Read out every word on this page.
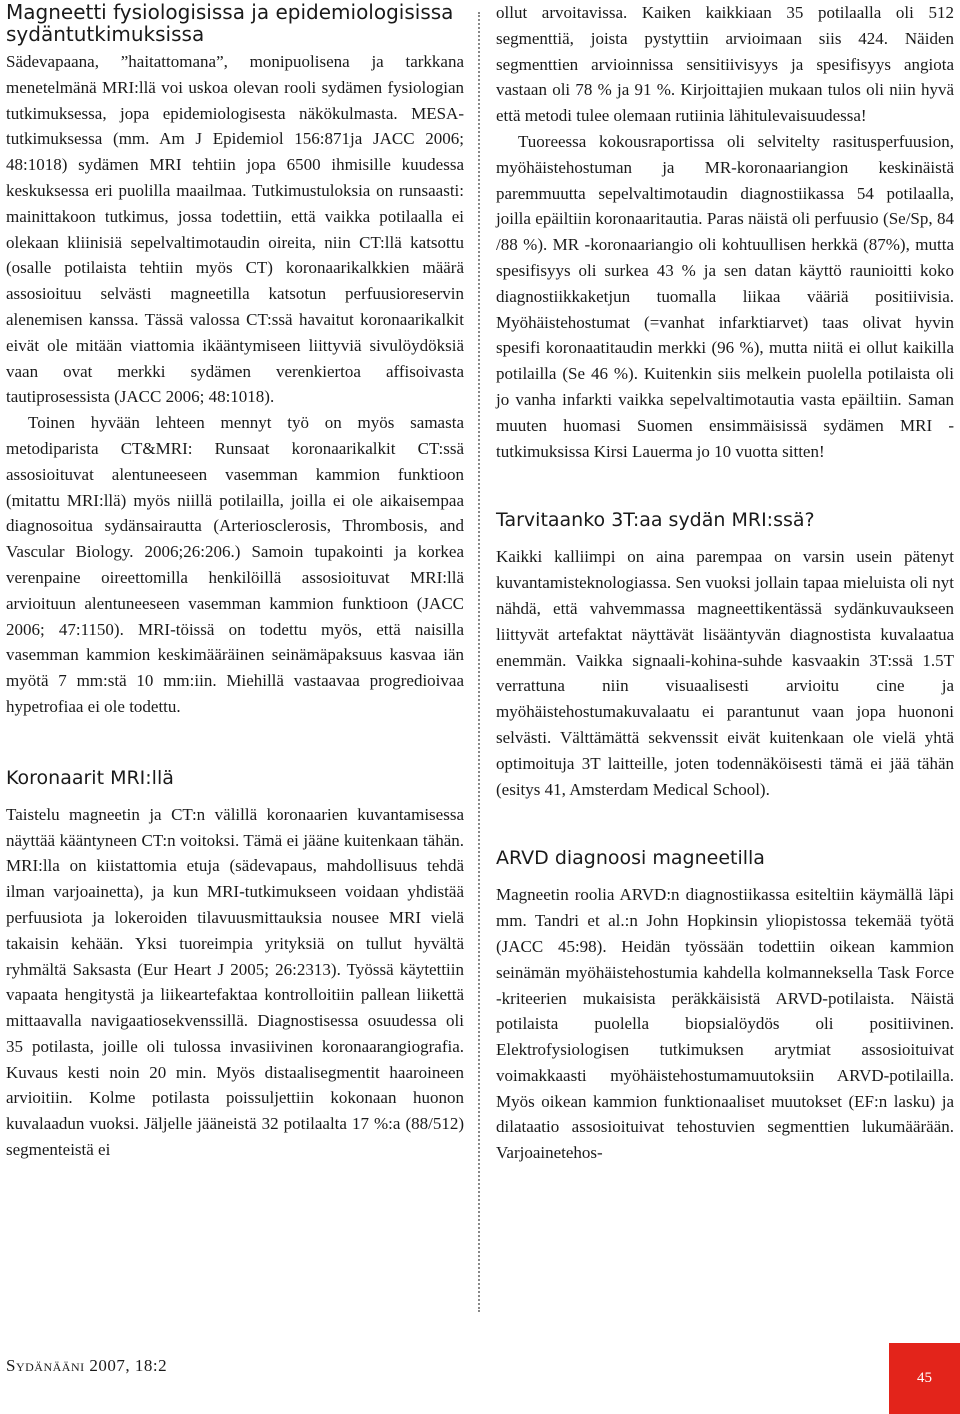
Magneetti fysiologisissa ja epidemiologisissa sydäntutkimuksissa

Sädevapaana, ”haitattomana”, monipuolisena ja tarkkana menetelmänä MRI:llä voi uskoa olevan rooli sydämen fysiologian tutkimuksessa, jopa epidemiologisesta näkökulmasta. MESA-tutkimuksessa (mm. Am J Epidemiol 156:871ja JACC 2006; 48:1018) sydämen MRI tehtiin jopa 6500 ihmisille kuudessa keskuksessa eri puolilla maailmaa. Tutkimustuloksia on runsaasti: mainittakoon tutkimus, jossa todettiin, että vaikka potilaalla ei olekaan kliinisiä sepelvaltimotaudin oireita, niin CT:llä katsottu (osalle potilaista tehtiin myös CT) koronaarikalkkien määrä assosioituu selvästi magneetilla katsotun perfuusioreservin alenemisen kanssa. Tässä valossa CT:ssä havaitut koronaarikalkit eivät ole mitään viattomia ikääntymiseen liittyviä sivulöydöksiä vaan ovat merkki sydämen verenkiertoa affisoivasta tautiprosessista (JACC 2006; 48:1018).

Toinen hyvään lehteen mennyt työ on myös samasta metodiparista CT&MRI: Runsaat koronaarikalkit CT:ssä assosioituvat alentuneeseen vasemman kammion funktioon (mitattu MRI:llä) myös niillä potilailla, joilla ei ole aikaisempaa diagnosoitua sydänsairautta (Arteriosclerosis, Thrombosis, and Vascular Biology. 2006;26:206.) Samoin tupakointi ja korkea verenpaine oireettomilla henkilöillä assosioituvat MRI:llä arvioituun alentuneeseen vasemman kammion funktioon (JACC 2006; 47:1150). MRI-töissä on todettu myös, että naisilla vasemman kammion keskimääräinen seinämäpaksuus kasvaa iän myötä 7 mm:stä 10 mm:iin. Miehillä vastaavaa progredioivaa hypetrofiaa ei ole todettu.

Koronaarit MRI:llä

Taistelu magneetin ja CT:n välillä koronaarien kuvantamisessa näyttää kääntyneen CT:n voitoksi. Tämä ei jääne kuitenkaan tähän. MRI:lla on kiistattomia etuja (sädevapaus, mahdollisuus tehdä ilman varjoainetta), ja kun MRI-tutkimukseen voidaan yhdistää perfuusiota ja lokeroiden tilavuusmittauksia nousee MRI vielä takaisin kehään. Yksi tuoreimpia yrityksiä on tullut hyvältä ryhmältä Saksasta (Eur Heart J 2005; 26:2313). Työssä käytettiin vapaata hengitystä ja liikeartefaktaa kontrolloitiin pallean liikettä mittaavalla navigaatiosekvenssillä. Diagnostisessa osuudessa oli 35 potilasta, joille oli tulossa invasiivinen koronaarangiografia. Kuvaus kesti noin 20 min. Myös distaalisegmentit haaroineen arvioitiin. Kolme potilasta poissuljettiin kokonaan huonon kuvalaadun vuoksi. Jäljelle jääneistä 32 potilaalta 17 %:a (88/512) segmenteistä ei

ollut arvoitavissa. Kaiken kaikkiaan 35 potilaalla oli 512 segmenttiä, joista pystyttiin arvioimaan siis 424. Näiden segmenttien arvioinnissa sensitiivisyys ja spesifisyys angiota vastaan oli 78 % ja 91 %. Kirjoittajien mukaan tulos oli niin hyvä että metodi tulee olemaan rutiinia lähitulevaisuudessa!

Tuoreessa kokousraportissa oli selvitelty rasitusperfuusion, myöhäistehostuman ja MR-koronaariangion keskinäistä paremmuutta sepelvaltimotaudin diagnostiikassa 54 potilaalla, joilla epäiltiin koronaaritautia. Paras näistä oli perfuusio (Se/Sp, 84 /88 %). MR -koronaariangio oli kohtuullisen herkkä (87%), mutta spesifisyys oli surkea 43 % ja sen datan käyttö raunioitti koko diagnostiikkaketjun tuomalla liikaa vääriä positiivisia. Myöhäistehostumat (=vanhat infarktiarvet) taas olivat hyvin spesifi koronaatitaudin merkki (96 %), mutta niitä ei ollut kaikilla potilailla (Se 46 %). Kuitenkin siis melkein puolella potilaista oli jo vanha infarkti vaikka sepelvaltimotautia vasta epäiltiin. Saman muuten huomasi Suomen ensimmäisissä sydämen MRI -tutkimuksissa Kirsi Lauerma jo 10 vuotta sitten!

Tarvitaanko 3T:aa sydän MRI:ssä?

Kaikki kalliimpi on aina parempaa on varsin usein pätenyt kuvantamisteknologiassa. Sen vuoksi jollain tapaa mieluista oli nyt nähdä, että vahvemmassa magneettikentässä sydänkuvaukseen liittyvät artefaktat näyttävät lisääntyvän diagnostista kuvalaatua enemmän. Vaikka signaali-kohina-suhde kasvaakin 3T:ssä 1.5T verrattuna niin visuaalisesti arvioitu cine ja myöhäistehostumakuvalaatu ei parantunut vaan jopa huononi selvästi. Välttämättä sekvenssit eivät kuitenkaan ole vielä yhtä optimoituja 3T laitteille, joten todennäköisesti tämä ei jää tähän (esitys 41, Amsterdam Medical School).

ARVD diagnoosi magneetilla

Magneetin roolia ARVD:n diagnostiikassa esiteltiin käymällä läpi mm. Tandri et al.:n John Hopkinsin yliopistossa tekemää työtä (JACC 45:98). Heidän työssään todettiin oikean kammion seinämän myöhäistehostumia kahdella kolmanneksella Task Force -kriteerien mukaisista peräkkäisistä ARVD-potilaista. Näistä potilaista puolella biopsialöydös oli positiivinen. Elektrofysiologisen tutkimuksen arytmiat assosioituivat voimakkaasti myöhäistehostumamuutoksiin ARVD-potilailla. Myös oikean kammion funktionaaliset muutokset (EF:n lasku) ja dilataatio assosioituivat tehostuvien segmenttien lukumäärään. Varjoainetehos-

Sydänääni 2007, 18:2
45
